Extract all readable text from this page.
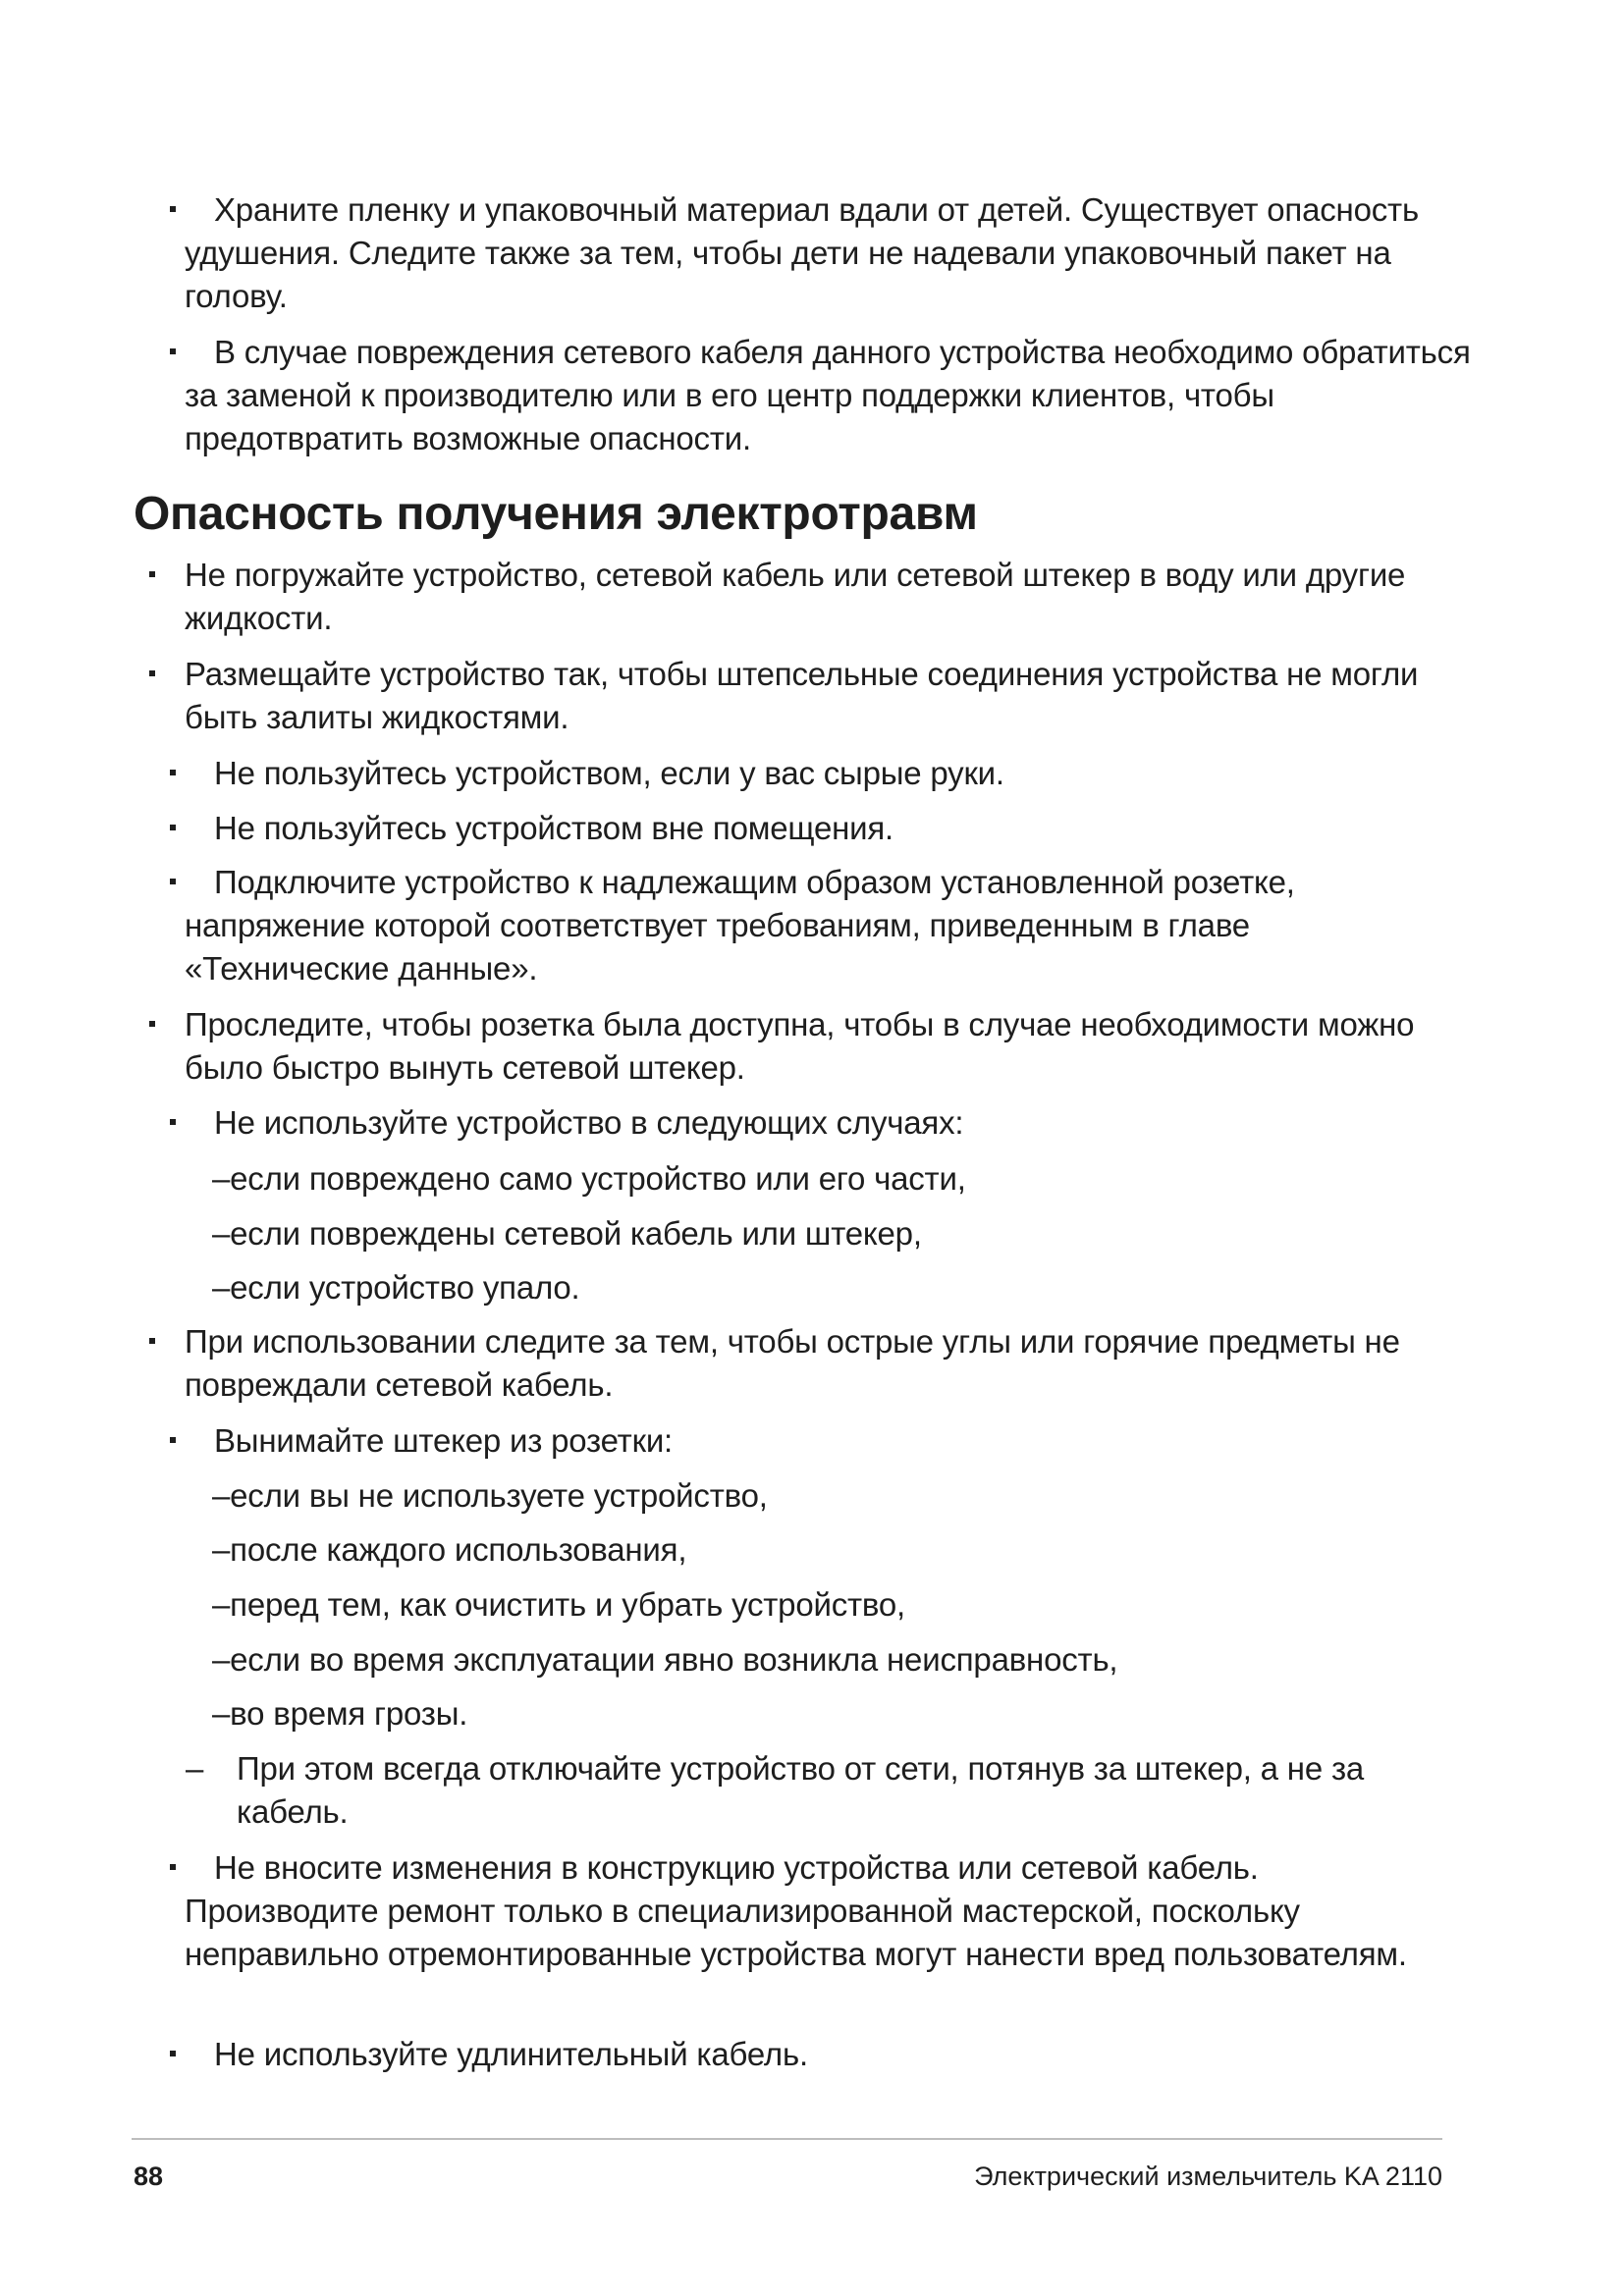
Храните пленку и упаковочный материал вдали от детей. Существует опасность удушения. Следите также за тем, чтобы дети не надевали упаковочный пакет на голову.
В случае повреждения сетевого кабеля данного устройства необходимо обратиться за заменой к производителю или в его центр поддержки клиентов, чтобы предотвратить возможные опасности.
Опасность получения электротравм
Не погружайте устройство, сетевой кабель или сетевой штекер в воду или другие жидкости.
Размещайте устройство так, чтобы штепсельные соединения устройства не могли быть залиты жидкостями.
Не пользуйтесь устройством, если у вас сырые руки.
Не пользуйтесь устройством вне помещения.
Подключите устройство к надлежащим образом установленной розетке, напряжение которой соответствует требованиям, приведенным в главе «Технические данные».
Проследите, чтобы розетка была доступна, чтобы в случае необходимости можно было быстро вынуть сетевой штекер.
Не используйте устройство в следующих случаях:
–если повреждено само устройство или его части,
–если повреждены сетевой кабель или штекер,
–если устройство упало.
При использовании следите за тем, чтобы острые углы или горячие предметы не повреждали сетевой кабель.
Вынимайте штекер из розетки:
–если вы не используете устройство,
–после каждого использования,
–перед тем, как очистить и убрать устройство,
–если во время эксплуатации явно возникла неисправность,
–во время грозы.
– При этом всегда отключайте устройство от сети, потянув за штекер, а не за кабель.
Не вносите изменения в конструкцию устройства или сетевой кабель. Производите ремонт только в специализированной мастерской, поскольку неправильно отремонтированные устройства могут нанести вред пользователям.
Не используйте удлинительный кабель.
88	Электрический измельчитель KA 2110
